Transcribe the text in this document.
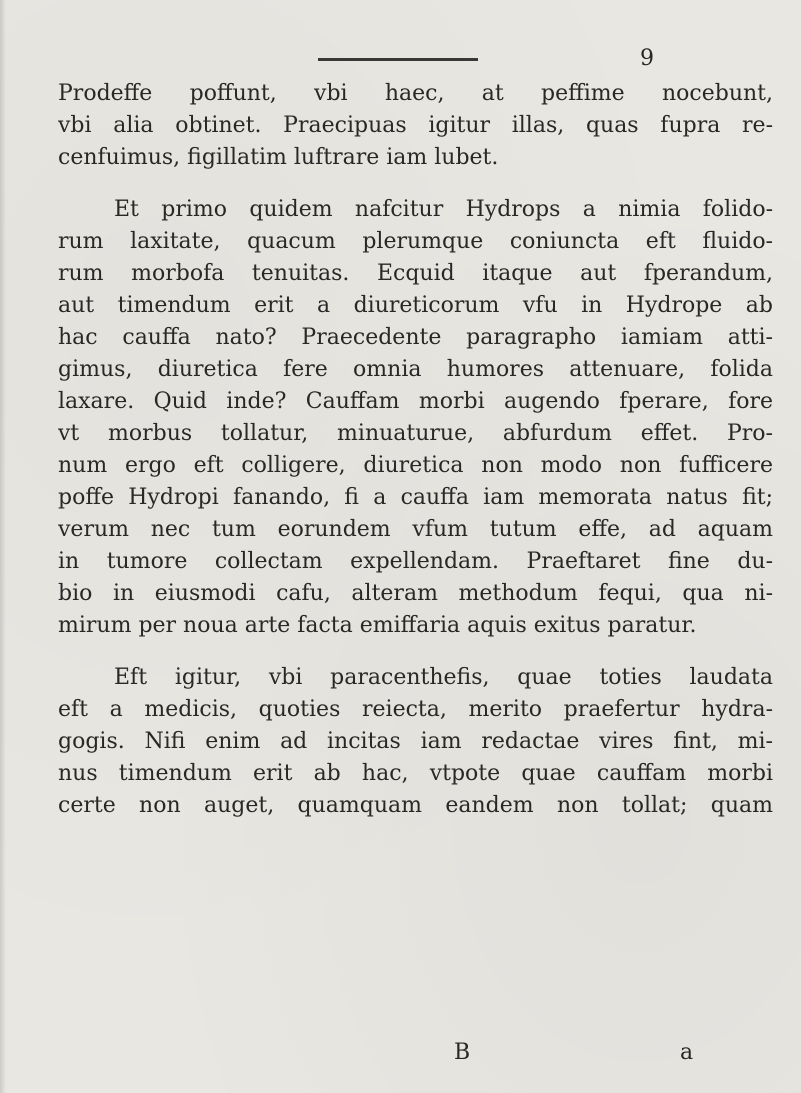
9
Prodeffe poffunt, vbi haec, at peffime nocebunt,
vbi alia obtinet. Praecipuas igitur illas, quas fupra re-
cenfuimus, figillatim luftrare iam lubet.
Et primo quidem nafcitur Hydrops a nimia folido-
rum laxitate, quacum plerumque coniuncta eft fluido-
rum morbofa tenuitas. Ecquid itaque aut fperandum,
aut timendum erit a diureticorum vfu in Hydrope ab
hac cauffa nato? Praecedente paragrapho iamiam atti-
gimus, diuretica fere omnia humores attenuare, folida
laxare. Quid inde? Cauffam morbi augendo fperare, fore
vt morbus tollatur, minuaturue, abfurdum effet. Pro-
num ergo eft colligere, diuretica non modo non fufficere
poffe Hydropi fanando, fi a cauffa iam memorata natus fit;
verum nec tum eorundem vfum tutum effe, ad aquam
in tumore collectam expellendam. Praeftaret fine du-
bio in eiusmodi cafu, alteram methodum fequi, qua ni-
mirum per noua arte facta emiffaria aquis exitus paratur.
Eft igitur, vbi paracenthefis, quae toties laudata
eft a medicis, quoties reiecta, merito praefertur hydra-
gogis. Nifi enim ad incitas iam redactae vires fint, mi-
nus timendum erit ab hac, vtpote quae cauffam morbi
certe non auget, quamquam eandem non tollat; quam
B	a
